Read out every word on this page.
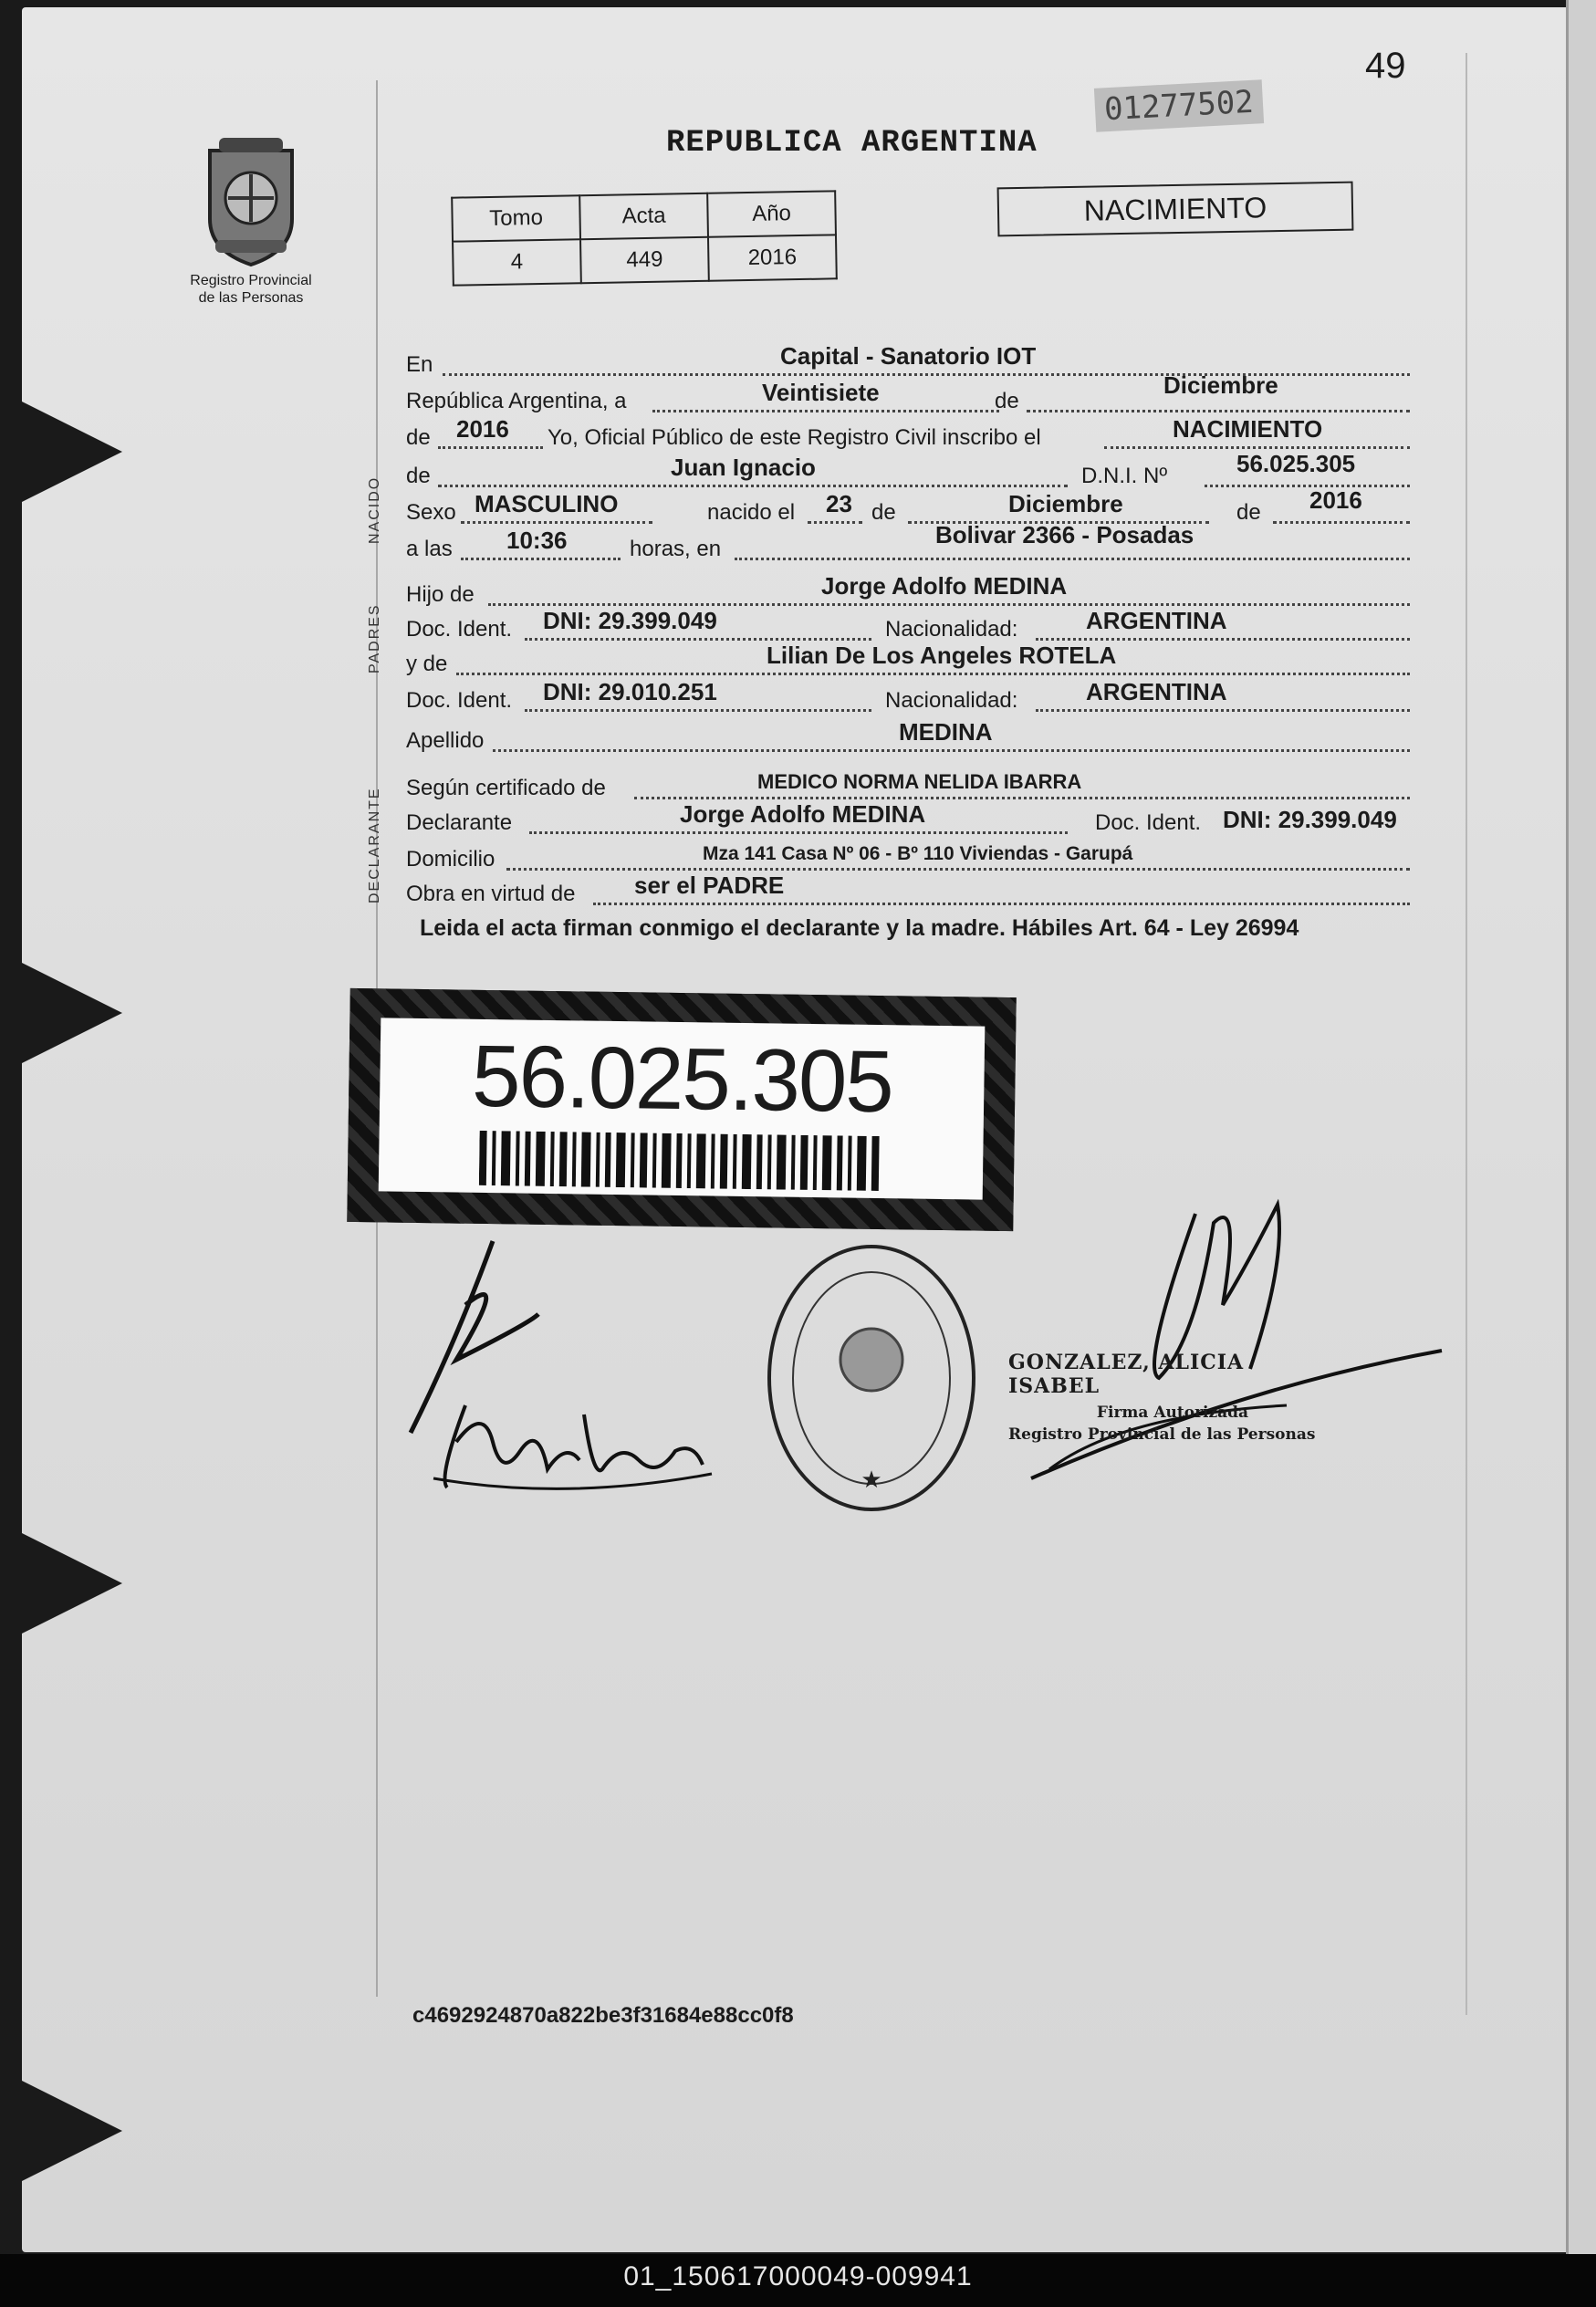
49
Registro Provincial
de las Personas
REPUBLICA ARGENTINA
01277502
Tomo	Acta	Año
4	449	2016
NACIMIENTO
NACIDO
PADRES
DECLARANTE
En	Capital - Sanatorio IOT
República Argentina, a	Veintisiete	de
Diciembre
de 2016 Yo, Oficial Público de este Registro Civil inscribo el	NACIMIENTO
de	Juan Ignacio	D.N.I. Nº	56.025.305
Sexo MASCULINO	nacido el 23 de	Diciembre	de 2016
a las 10:36	horas, en
Bolivar 2366 - Posadas
Hijo de	Jorge Adolfo MEDINA
Doc. Ident. DNI: 29.399.049	Nacionalidad:	ARGENTINA
y de	Lilian De Los Angeles ROTELA
Doc. Ident. DNI: 29.010.251	Nacionalidad:	ARGENTINA
Apellido	MEDINA
Según certificado de	MEDICO NORMA NELIDA IBARRA
Declarante	Jorge Adolfo MEDINA	Doc. Ident. DNI: 29.399.049
Domicilio	Mza 141 Casa Nº 06 - Bº 110 Viviendas - Garupá
Obra en virtud de ser el PADRE
Leida el acta firman conmigo el declarante y la madre. Hábiles Art. 64 - Ley 26994
56.025.305
★
GONZALEZ, ALICIA ISABEL
Firma Autorizada
Registro Provincial de las Personas
c4692924870a822be3f31684e88cc0f8
01_150617000049-009941
